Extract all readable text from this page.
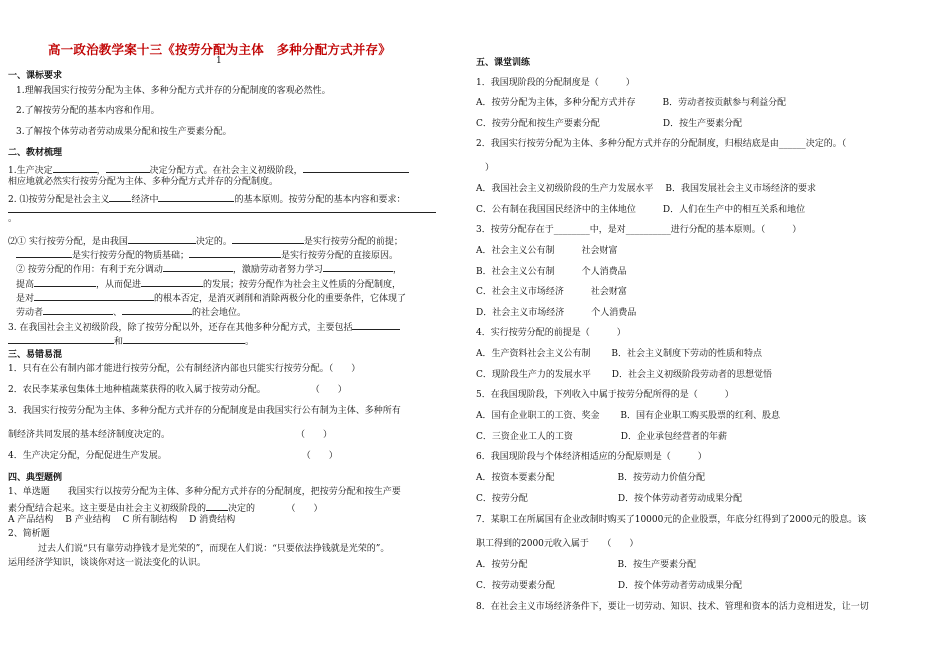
高一政治教学案十三《按劳分配为主体　多种分配方式并存》
1
一、课标要求
1.理解我国实行按劳分配为主体、多种分配方式并存的分配制度的客观必然性。
2.了解按劳分配的基本内容和作用。
3.了解按个体劳动者劳动成果分配和按生产要素分配。
二、教材梳理
1.生产决定	，	决定分配方式。在社会主义初级阶段，
相应地就必然实行按劳分配为主体、多种分配方式并存的分配制度。
2. ⑴按劳分配是社会主义 经济中	的基本原则。按劳分配的基本内容和要求：
。
⑵① 实行按劳分配，是由我国	决定的。	是实行按劳分配的前提；
是实行按劳分配的物质基础；	是实行按劳分配的直接原因。
② 按劳分配的作用：有利于充分调动	，激励劳动者努力学习	，
提高	，从而促进	的发展；按劳分配作为社会主义性质的分配制度，
是对	的根本否定，是消灭剥削和消除两极分化的重要条件，它体现了
劳动者	、	的社会地位。
3. 在我国社会主义初级阶段，除了按劳分配以外，还存在其他多种分配方式，主要包括
和	。
三、易错易混
1．只有在公有制内部才能进行按劳分配，公有制经济内部也只能实行按劳分配。（　　）
2．农民李某承包集体土地种植蔬菜获得的收入属于按劳动分配。　　　　　　（　　）
3．我国实行按劳分配为主体、多种分配方式并存的分配制度是由我国实行公有制为主体、多种所有
制经济共同发展的基本经济制度决定的。　　　　　　　　　　　　　　　（　　）
4．生产决定分配，分配促进生产发展。　　　　　　　　　　　　　　　　（　　）
四、典型题例
1、单选题　　我国实行以按劳分配为主体、多种分配方式并存的分配制度，把按劳分配和按生产要
素分配结合起来。这主要是由社会主义初级阶段的 决定的　　　　（　　）
A 产品结构　 B 产业结构　 C 所有制结构　 D 消费结构
2、简析题
过去人们说“只有靠劳动挣钱才是光荣的”，而现在人们说：“只要依法挣钱就是光荣的”。
运用经济学知识，谈谈你对这一说法变化的认识。
五、课堂训练
1．我国现阶段的分配制度是（　　　）
A．按劳分配为主体，多种分配方式并存　　　B．劳动者按贡献参与利益分配
C．按劳分配和按生产要素分配　　　　　　　D．按生产要素分配
2．我国实行按劳分配为主体、多种分配方式并存的分配制度，归根结底是由______决定的。（
　）
A．我国社会主义初级阶段的生产力发展水平　 B．我国发展社会主义市场经济的要求
C．公有制在我国国民经济中的主体地位　　　D．人们在生产中的相互关系和地位
3．按劳分配存在于________中，是对__________进行分配的基本原则。（　　　）
A．社会主义公有制　　　社会财富
B．社会主义公有制　　　个人消费品
C．社会主义市场经济　　　社会财富
D．社会主义市场经济　　　个人消费品
4．实行按劳分配的前提是（　　　）
A．生产资料社会主义公有制　　 B．社会主义制度下劳动的性质和特点
C．现阶段生产力的发展水平　　 D．社会主义初级阶段劳动者的思想觉悟
5．在我国现阶段，下列收入中属于按劳分配所得的是（　　　）
A．国有企业职工的工资、奖金　　 B．国有企业职工购买股票的红利、股息
C．三资企业工人的工资　　　　　 D．企业承包经营者的年薪
6．我国现阶段与个体经济相适应的分配原则是（　　　）
A．按资本要素分配　　　　　　　B．按劳动力价值分配
C．按劳分配　　　　　　　　　　D．按个体劳动者劳动成果分配
7．某职工在所属国有企业改制时购买了10000元的企业股票，年底分红得到了2000元的股息。该
职工得到的2000元收入属于　　（　　）
A．按劳分配　　　　　　　　　　B．按生产要素分配
C．按劳动要素分配　　　　　　　D．按个体劳动者劳动成果分配
8．在社会主义市场经济条件下，要让一切劳动、知识、技术、管理和资本的活力竞相迸发，让一切
